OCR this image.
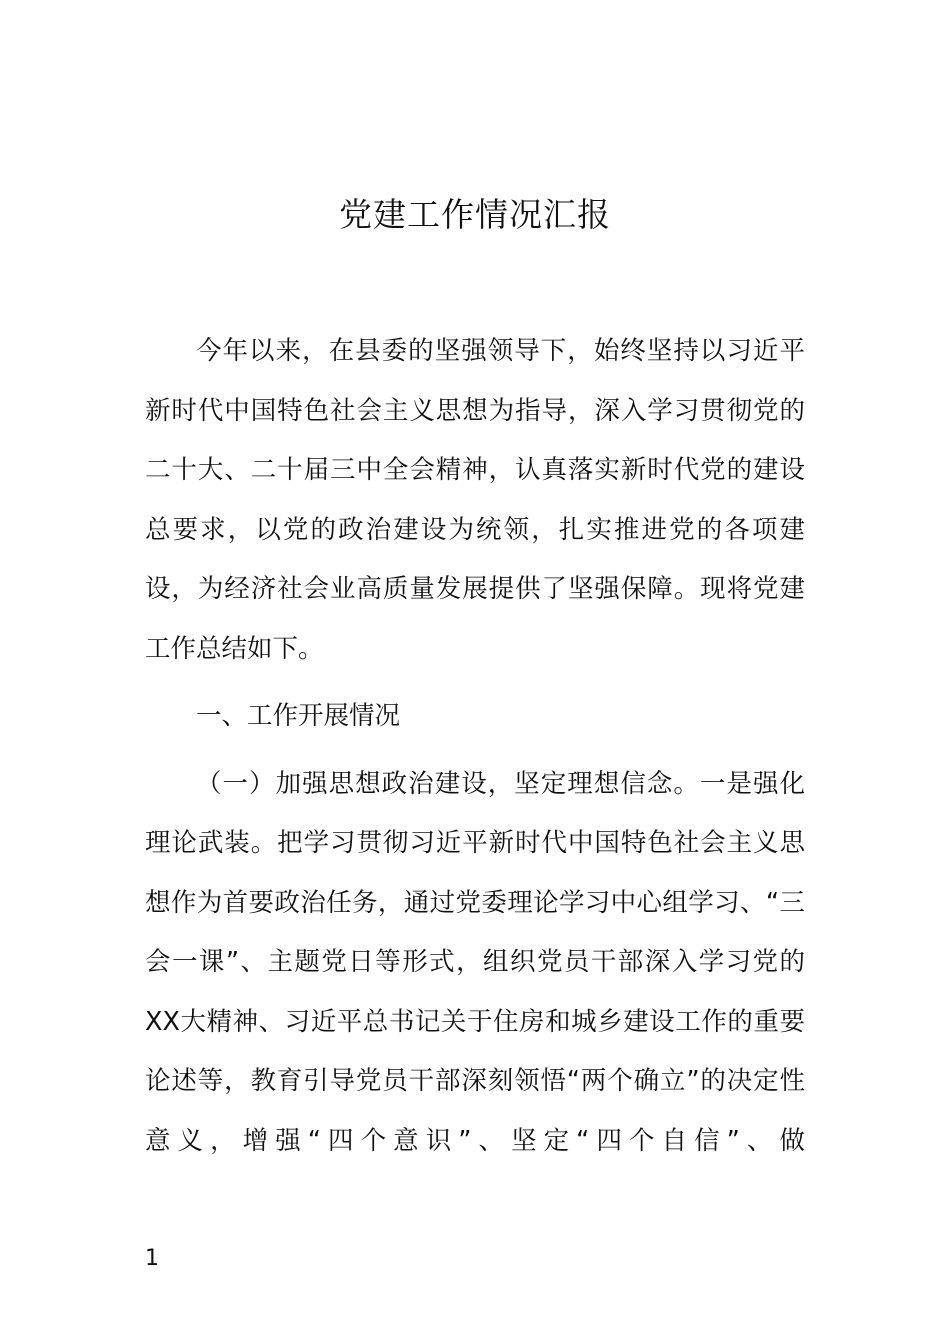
党建工作情况汇报

今年以来，在县委的坚强领导下，始终坚持以习近平新时代中国特色社会主义思想为指导，深入学习贯彻党的二十大、二十届三中全会精神，认真落实新时代党的建设总要求，以党的政治建设为统领，扎实推进党的各项建设，为经济社会业高质量发展提供了坚强保障。现将党建工作总结如下。

一、工作开展情况

（一）加强思想政治建设，坚定理想信念。一是强化理论武装。把学习贯彻习近平新时代中国特色社会主义思想作为首要政治任务，通过党委理论学习中心组学习、“三会一课”、主题党日等形式，组织党员干部深入学习党的XX大精神、习近平总书记关于住房和城乡建设工作的重要论述等，教育引导党员干部深刻领悟“两个确立”的决定性意义，增强“四个意识”、坚定“四个自信”、做

1
